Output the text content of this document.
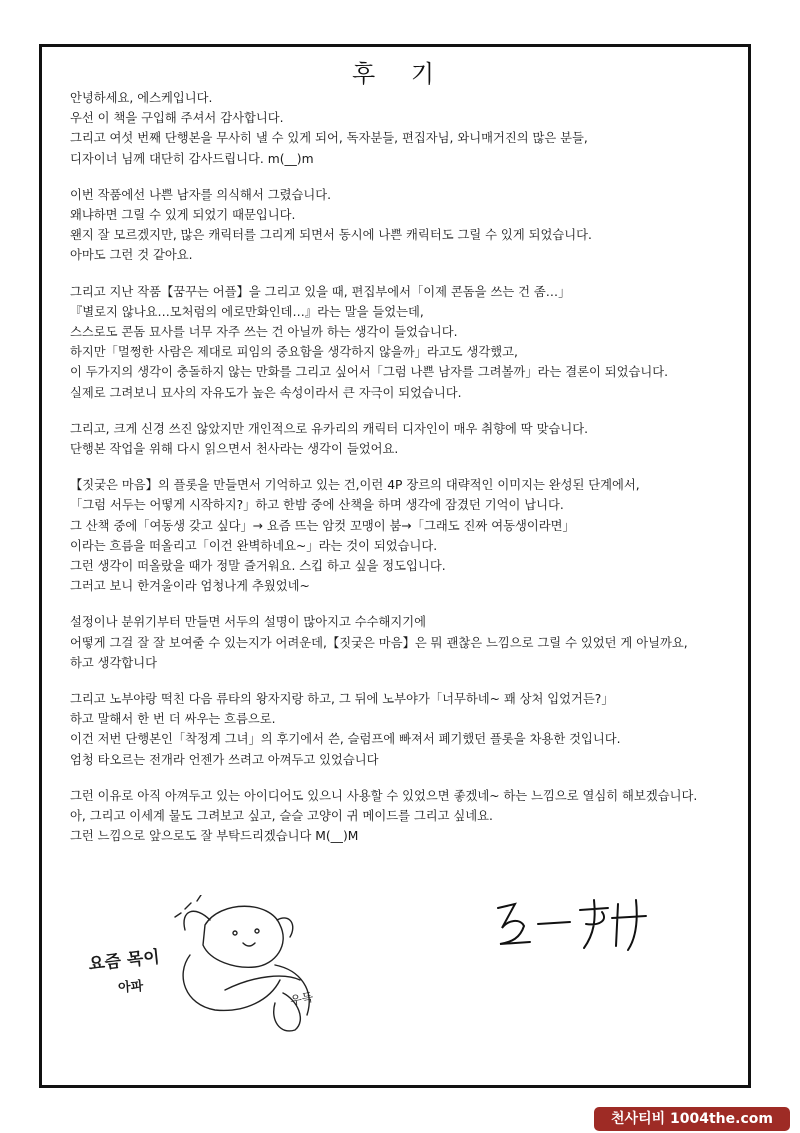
후 기
안녕하세요, 에스케입니다.
우선 이 책을 구입해 주셔서 감사합니다.
그리고 여섯 번째 단행본을 무사히 낼 수 있게 되어, 독자분들, 편집자님, 와니매거진의 많은 분들,
디자이너 님께 대단히 감사드립니다. m(__)m
이번 작품에선 나쁜 남자를 의식해서 그렸습니다.
왜냐하면 그릴 수 있게 되었기 때문입니다.
왠지 잘 모르겠지만, 많은 캐릭터를 그리게 되면서 동시에 나쁜 캐릭터도 그릴 수 있게 되었습니다.
아마도 그런 것 같아요.
그리고 지난 작품【꿈꾸는 어플】을 그리고 있을 때, 편집부에서「이제 콘돔을 쓰는 건 좀…」
『별로지 않나요…모처럼의 에로만화인데…』라는 말을 들었는데,
스스로도 콘돔 묘사를 너무 자주 쓰는 건 아닐까 하는 생각이 들었습니다.
하지만「멀쩡한 사람은 제대로 피임의 중요함을 생각하지 않을까」라고도 생각했고,
이 두가지의 생각이 충돌하지 않는 만화를 그리고 싶어서「그럼 나쁜 남자를 그려볼까」라는 결론이 되었습니다.
실제로 그려보니 묘사의 자유도가 높은 속성이라서 큰 자극이 되었습니다.
그리고, 크게 신경 쓰진 않았지만 개인적으로 유카리의 캐릭터 디자인이 매우 취향에 딱 맞습니다.
단행본 작업을 위해 다시 읽으면서 천사라는 생각이 들었어요.
【짓궂은 마음】의 플롯을 만들면서 기억하고 있는 건,이런 4P 장르의 대략적인 이미지는 완성된 단계에서,
「그럼 서두는 어떻게 시작하지?」하고 한밤 중에 산책을 하며 생각에 잠겼던 기억이 납니다.
그 산책 중에「여동생 갖고 싶다」→ 요즘 뜨는 암컷 꼬맹이 붐→「그래도 진짜 여동생이라면」
이라는 흐름을 떠올리고「이건 완벽하네요~」라는 것이 되었습니다.
그런 생각이 떠올랐을 때가 정말 즐거워요. 스킵 하고 싶을 정도입니다.
그러고 보니 한겨울이라 엄청나게 추웠었네~
설정이나 분위기부터 만들면 서두의 설명이 많아지고 수수해지기에
어떻게 그걸 잘 잘 보여줄 수 있는지가 어려운데,【짓궂은 마음】은 뭐 괜찮은 느낌으로 그릴 수 있었던 게 아닐까요,
하고 생각합니다
그리고 노부야랑 떡친 다음 류타의 왕자지랑 하고, 그 뒤에 노부야가「너무하네~ 꽤 상처 입었거든?」
하고 말해서 한 번 더 싸우는 흐름으로.
이건 저번 단행본인「착정계 그녀」의 후기에서 쓴, 슬럼프에 빠져서 폐기했던 플롯을 차용한 것입니다.
엄청 타오르는 전개라 언젠가 쓰려고 아껴두고 있었습니다
그런 이유로 아직 아껴두고 있는 아이디어도 있으니 사용할 수 있었으면 좋겠네~ 하는 느낌으로 열심히 해보겠습니다.
아, 그리고 이세계 물도 그려보고 싶고, 슬슬 고양이 귀 메이드를 그리고 싶네요.
그런 느낌으로 앞으로도 잘 부탁드리겠습니다 M(__)M
요즘 목이
아파
우득
천사티비 1004the.com
